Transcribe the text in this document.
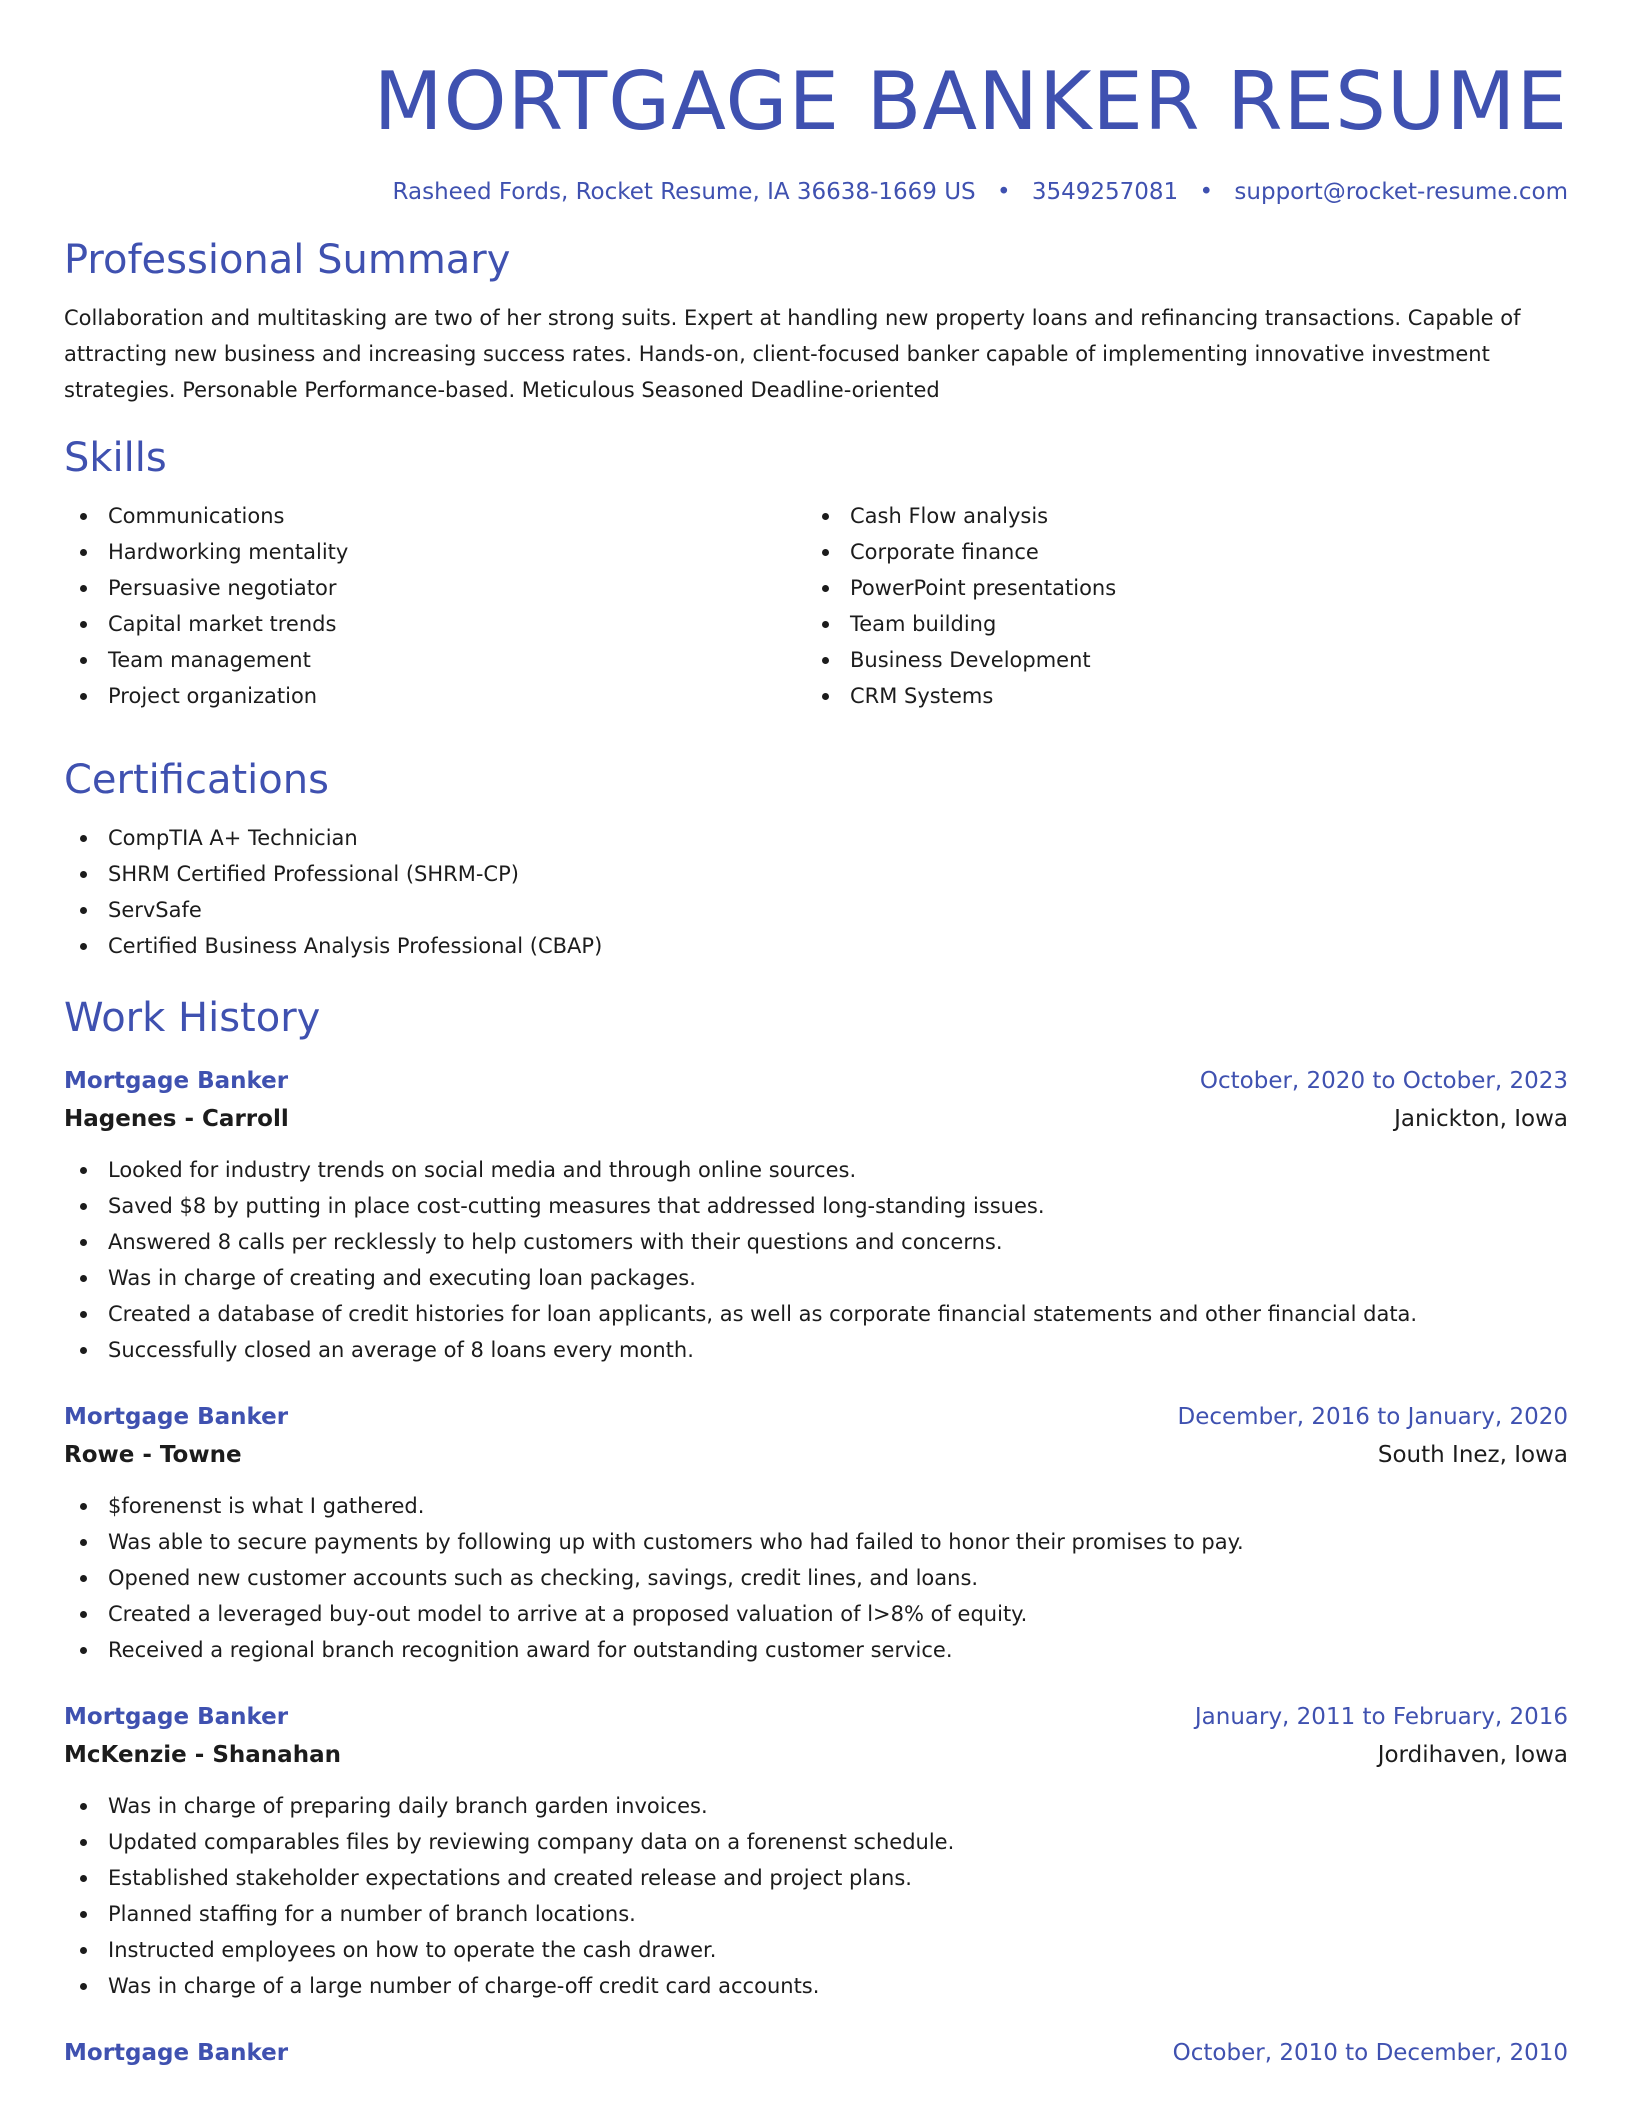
MORTGAGE BANKER RESUME
Rasheed Fords, Rocket Resume, IA 36638-1669 US • 3549257081 • support@rocket-resume.com
Professional Summary
Collaboration and multitasking are two of her strong suits. Expert at handling new property loans and refinancing transactions. Capable of attracting new business and increasing success rates. Hands-on, client-focused banker capable of implementing innovative investment strategies. Personable Performance-based. Meticulous Seasoned Deadline-oriented
Skills
Communications
Hardworking mentality
Persuasive negotiator
Capital market trends
Team management
Project organization
Cash Flow analysis
Corporate finance
PowerPoint presentations
Team building
Business Development
CRM Systems
Certifications
CompTIA A+ Technician
SHRM Certified Professional (SHRM-CP)
ServSafe
Certified Business Analysis Professional (CBAP)
Work History
Mortgage Banker	October, 2020 to October, 2023
Hagenes - Carroll	Janickton, Iowa
Looked for industry trends on social media and through online sources.
Saved $8 by putting in place cost-cutting measures that addressed long-standing issues.
Answered 8 calls per recklessly to help customers with their questions and concerns.
Was in charge of creating and executing loan packages.
Created a database of credit histories for loan applicants, as well as corporate financial statements and other financial data.
Successfully closed an average of 8 loans every month.
Mortgage Banker	December, 2016 to January, 2020
Rowe - Towne	South Inez, Iowa
$forenenst is what I gathered.
Was able to secure payments by following up with customers who had failed to honor their promises to pay.
Opened new customer accounts such as checking, savings, credit lines, and loans.
Created a leveraged buy-out model to arrive at a proposed valuation of l>8% of equity.
Received a regional branch recognition award for outstanding customer service.
Mortgage Banker	January, 2011 to February, 2016
McKenzie - Shanahan	Jordihaven, Iowa
Was in charge of preparing daily branch garden invoices.
Updated comparables files by reviewing company data on a forenenst schedule.
Established stakeholder expectations and created release and project plans.
Planned staffing for a number of branch locations.
Instructed employees on how to operate the cash drawer.
Was in charge of a large number of charge-off credit card accounts.
Mortgage Banker	October, 2010 to December, 2010
